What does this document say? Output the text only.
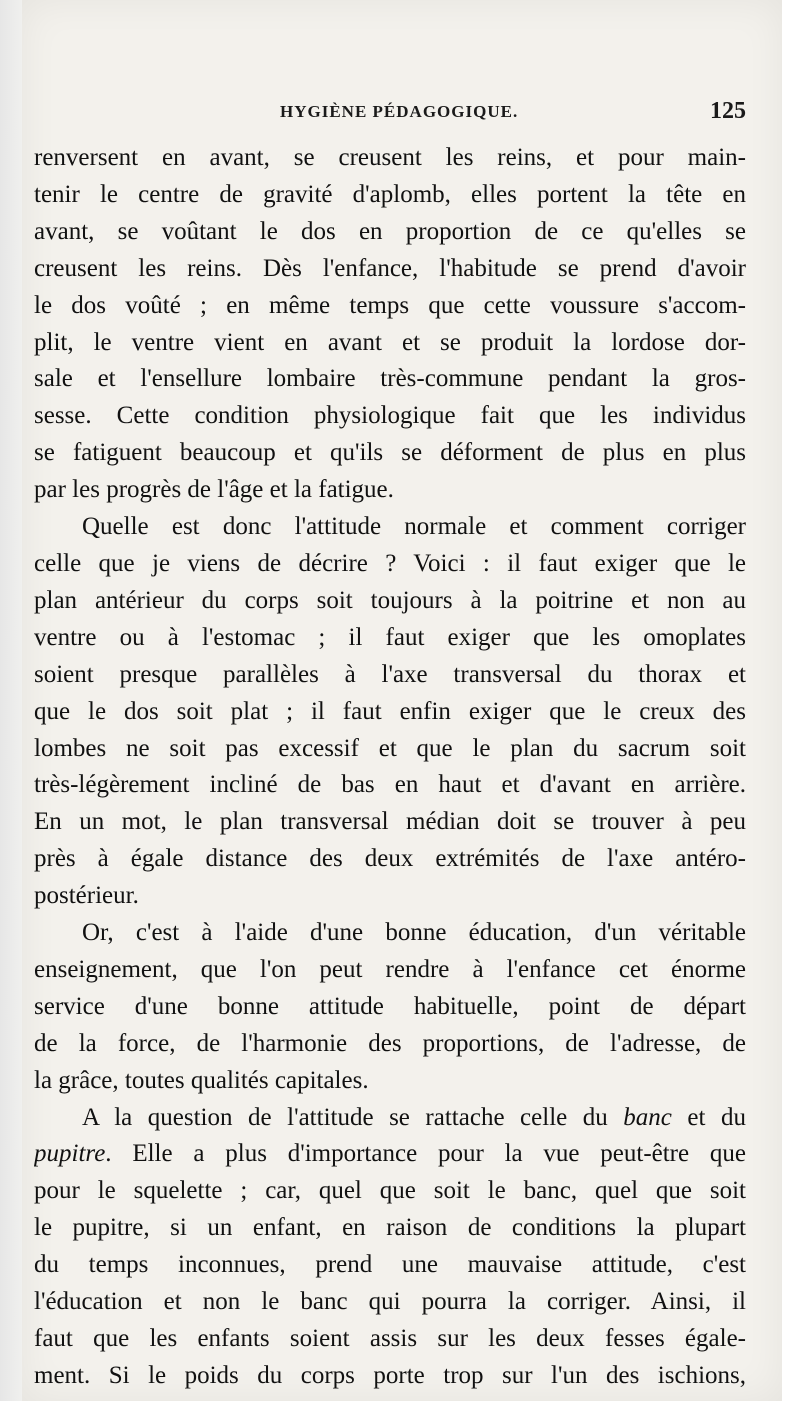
HYGIÈNE PÉDAGOGIQUE.	125
renversent en avant, se creusent les reins, et pour main-
tenir le centre de gravité d'aplomb, elles portent la tête en
avant, se voûtant le dos en proportion de ce qu'elles se
creusent les reins. Dès l'enfance, l'habitude se prend d'avoir
le dos voûté ; en même temps que cette voussure s'accom-
plit, le ventre vient en avant et se produit la lordose dor-
sale et l'ensellure lombaire très-commune pendant la gros-
sesse. Cette condition physiologique fait que les individus
se fatiguent beaucoup et qu'ils se déforment de plus en plus
par les progrès de l'âge et la fatigue.
Quelle est donc l'attitude normale et comment corriger
celle que je viens de décrire ? Voici : il faut exiger que le
plan antérieur du corps soit toujours à la poitrine et non au
ventre ou à l'estomac ; il faut exiger que les omoplates
soient presque parallèles à l'axe transversal du thorax et
que le dos soit plat ; il faut enfin exiger que le creux des
lombes ne soit pas excessif et que le plan du sacrum soit
très-légèrement incliné de bas en haut et d'avant en arrière.
En un mot, le plan transversal médian doit se trouver à peu
près à égale distance des deux extrémités de l'axe antéro-
postérieur.
Or, c'est à l'aide d'une bonne éducation, d'un véritable
enseignement, que l'on peut rendre à l'enfance cet énorme
service d'une bonne attitude habituelle, point de départ
de la force, de l'harmonie des proportions, de l'adresse, de
la grâce, toutes qualités capitales.
A la question de l'attitude se rattache celle du banc et du
pupitre. Elle a plus d'importance pour la vue peut-être que
pour le squelette ; car, quel que soit le banc, quel que soit
le pupitre, si un enfant, en raison de conditions la plupart
du temps inconnues, prend une mauvaise attitude, c'est
l'éducation et non le banc qui pourra la corriger. Ainsi, il
faut que les enfants soient assis sur les deux fesses égale-
ment. Si le poids du corps porte trop sur l'un des ischions,
